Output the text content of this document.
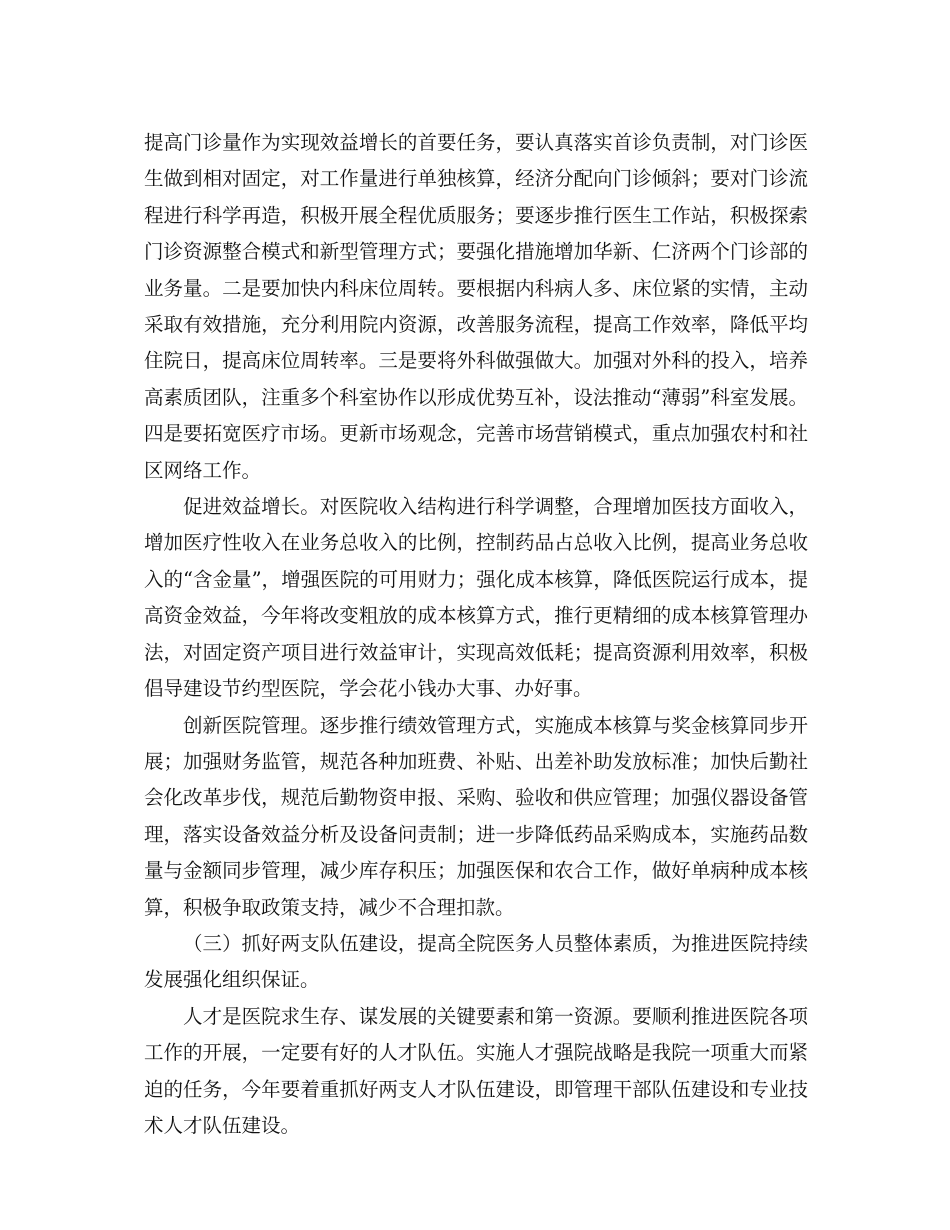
提高门诊量作为实现效益增长的首要任务，要认真落实首诊负责制，对门诊医生做到相对固定，对工作量进行单独核算，经济分配向门诊倾斜；要对门诊流程进行科学再造，积极开展全程优质服务；要逐步推行医生工作站，积极探索门诊资源整合模式和新型管理方式；要强化措施增加华新、仁济两个门诊部的业务量。二是要加快内科床位周转。要根据内科病人多、床位紧的实情，主动采取有效措施，充分利用院内资源，改善服务流程，提高工作效率，降低平均住院日，提高床位周转率。三是要将外科做强做大。加强对外科的投入，培养高素质团队，注重多个科室协作以形成优势互补，设法推动“薄弱”科室发展。四是要拓宽医疗市场。更新市场观念，完善市场营销模式，重点加强农村和社区网络工作。

促进效益增长。对医院收入结构进行科学调整，合理增加医技方面收入，增加医疗性收入在业务总收入的比例，控制药品占总收入比例，提高业务总收入的“含金量”，增强医院的可用财力；强化成本核算，降低医院运行成本，提高资金效益，今年将改变粗放的成本核算方式，推行更精细的成本核算管理办法，对固定资产项目进行效益审计，实现高效低耗；提高资源利用效率，积极倡导建设节约型医院，学会花小钱办大事、办好事。

创新医院管理。逐步推行绩效管理方式，实施成本核算与奖金核算同步开展；加强财务监管，规范各种加班费、补贴、出差补助发放标准；加快后勤社会化改革步伐，规范后勤物资申报、采购、验收和供应管理；加强仪器设备管理，落实设备效益分析及设备问责制；进一步降低药品采购成本，实施药品数量与金额同步管理，减少库存积压；加强医保和农合工作，做好单病种成本核算，积极争取政策支持，减少不合理扣款。

（三）抓好两支队伍建设，提高全院医务人员整体素质，为推进医院持续发展强化组织保证。

人才是医院求生存、谋发展的关键要素和第一资源。要顺利推进医院各项工作的开展，一定要有好的人才队伍。实施人才强院战略是我院一项重大而紧迫的任务，今年要着重抓好两支人才队伍建设，即管理干部队伍建设和专业技术人才队伍建设。
